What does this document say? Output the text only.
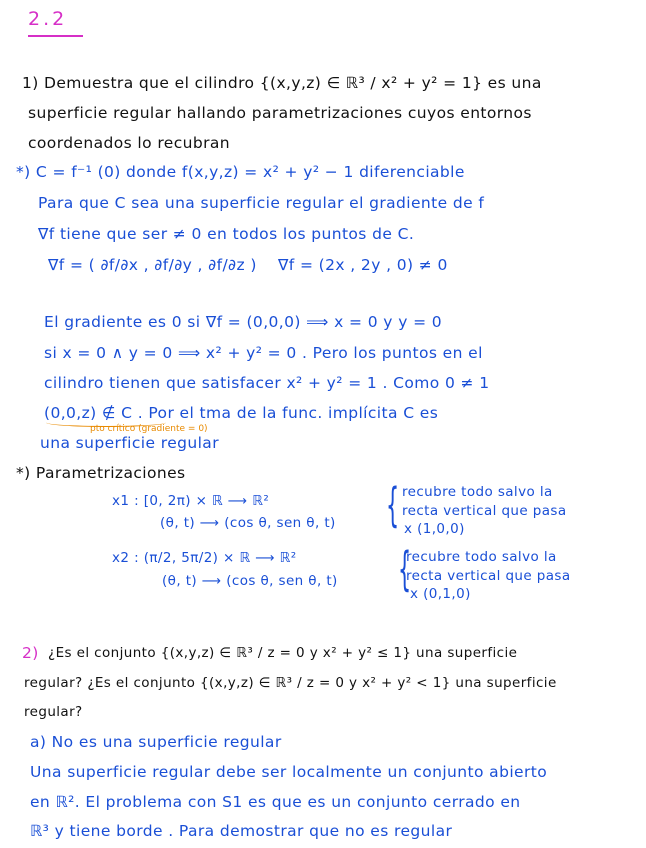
2.2
1) Demuestra que el cilindro {(x,y,z) ∈ ℝ³ / x² + y² = 1} es una
superficie regular hallando parametrizaciones cuyos entornos
coordenados lo recubran
*) C = f⁻¹ (0) donde f(x,y,z) = x² + y² − 1 diferenciable
Para que C sea una superficie regular el gradiente de f
∇f tiene que ser ≠ 0 en todos los puntos de C.
∇f = ( ∂f/∂x , ∂f/∂y , ∂f/∂z ) ∇f = (2x , 2y , 0) ≠ 0
El gradiente es 0 si ∇f = (0,0,0) ⟹ x = 0 y y = 0
si x = 0 ∧ y = 0 ⟹ x² + y² = 0 . Pero los puntos en el
cilindro tienen que satisfacer x² + y² = 1 . Como 0 ≠ 1
(0,0,z) ∉ C . Por el tma de la func. implícita C es
pto crítico (gradiente = 0)
una superficie regular
*) Parametrizaciones
x1 : [0, 2π) × ℝ ⟶ ℝ²
(θ, t) ⟶ (cos θ, sen θ, t) { recubre todo salvo la
recta vertical que pasa
x (1,0,0)
x2 : (π/2, 5π/2) × ℝ ⟶ ℝ²
(θ, t) ⟶ (cos θ, sen θ, t) {
recubre todo salvo la
recta vertical que pasa
x (0,1,0)
2) ¿Es el conjunto {(x,y,z) ∈ ℝ³ / z = 0 y x² + y² ≤ 1} una superficie
regular? ¿Es el conjunto {(x,y,z) ∈ ℝ³ / z = 0 y x² + y² < 1} una superficie
regular?
a) No es una superficie regular
Una superficie regular debe ser localmente un conjunto abierto
en ℝ². El problema con S1 es que es un conjunto cerrado en
ℝ³ y tiene borde . Para demostrar que no es regular
